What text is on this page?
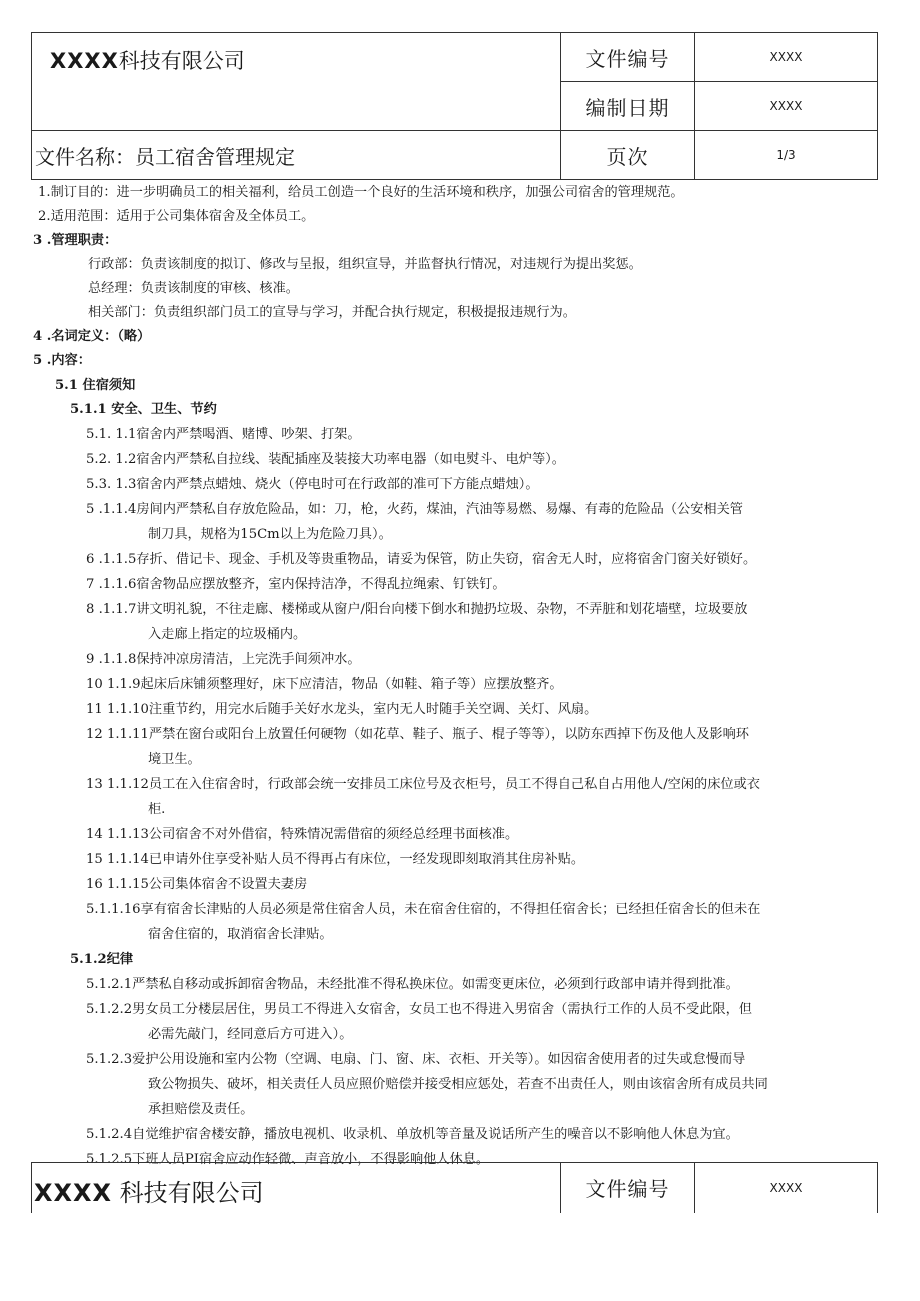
XXXX科技有限公司	文件编号	XXXX
	编制日期	XXXX
文件名称：员工宿舍管理规定	页次	1/3
1.制订目的：进一步明确员工的相关福利，给员工创造一个良好的生活环境和秩序，加强公司宿舍的管理规范。
2.适用范围：适用于公司集体宿舍及全体员工。
3 .管理职责：
行政部：负责该制度的拟订、修改与呈报，组织宣导，并监督执行情况，对违规行为提出奖惩。
总经理：负责该制度的审核、核准。
相关部门：负责组织部门员工的宣导与学习，并配合执行规定，积极提报违规行为。
4 .名词定义：（略）
5 .内容：
5.1 住宿须知
5.1.1 安全、卫生、节约
5.1. 1.1宿舍内严禁喝酒、赌博、吵架、打架。
5.2. 1.2宿舍内严禁私自拉线、装配插座及装接大功率电器（如电熨斗、电炉等）。
5.3. 1.3宿舍内严禁点蜡烛、烧火（停电时可在行政部的准可下方能点蜡烛）。
5 .1.1.4房间内严禁私自存放危险品，如：刀，枪，火药，煤油，汽油等易燃、易爆、有毒的危险品（公安相关管
制刀具，规格为15Cm以上为危险刀具）。
6 .1.1.5存折、借记卡、现金、手机及等贵重物品，请妥为保管，防止失窃，宿舍无人时，应将宿舍门窗关好锁好。
7 .1.1.6宿舍物品应摆放整齐，室内保持洁净，不得乱拉绳索、钉铁钉。
8 .1.1.7讲文明礼貌，不往走廊、楼梯或从窗户/阳台向楼下倒水和抛扔垃圾、杂物，不弄脏和划花墙壁，垃圾要放
入走廊上指定的垃圾桶内。
9 .1.1.8保持冲凉房清洁，上完洗手间须冲水。
10 1.1.9起床后床铺须整理好，床下应清洁，物品（如鞋、箱子等）应摆放整齐。
11 1.1.10注重节约，用完水后随手关好水龙头，室内无人时随手关空调、关灯、风扇。
12 1.1.11严禁在窗台或阳台上放置任何硬物（如花草、鞋子、瓶子、棍子等等），以防东西掉下伤及他人及影响环
境卫生。
13 1.1.12员工在入住宿舍时，行政部会统一安排员工床位号及衣柜号，员工不得自己私自占用他人/空闲的床位或衣
柜.
14 1.1.13公司宿舍不对外借宿，特殊情况需借宿的须经总经理书面核准。
15 1.1.14已申请外住享受补贴人员不得再占有床位，一经发现即刻取消其住房补贴。
16 1.1.15公司集体宿舍不设置夫妻房
5.1.1.16享有宿舍长津贴的人员必须是常住宿舍人员，未在宿舍住宿的，不得担任宿舍长；已经担任宿舍长的但未在
宿舍住宿的，取消宿舍长津贴。
5.1.2纪律
5.1.2.1严禁私自移动或拆卸宿舍物品，未经批准不得私换床位。如需变更床位，必须到行政部申请并得到批准。
5.1.2.2男女员工分楼层居住，男员工不得进入女宿舍，女员工也不得进入男宿舍（需执行工作的人员不受此限，但
必需先敲门，经同意后方可进入）。
5.1.2.3爱护公用设施和室内公物（空调、电扇、门、窗、床、衣柜、开关等）。如因宿舍使用者的过失或怠慢而导
致公物损失、破坏，相关责任人员应照价赔偿并接受相应惩处，若查不出责任人，则由该宿舍所有成员共同
承担赔偿及责任。
5.1.2.4自觉维护宿舍楼安静，播放电视机、收录机、单放机等音量及说话所产生的噪音以不影响他人休息为宜。
5.1.2.5下班人员PI宿舍应动作轻微、声音放小，不得影响他人休息。
XXXX 科技有限公司	文件编号	XXXX
